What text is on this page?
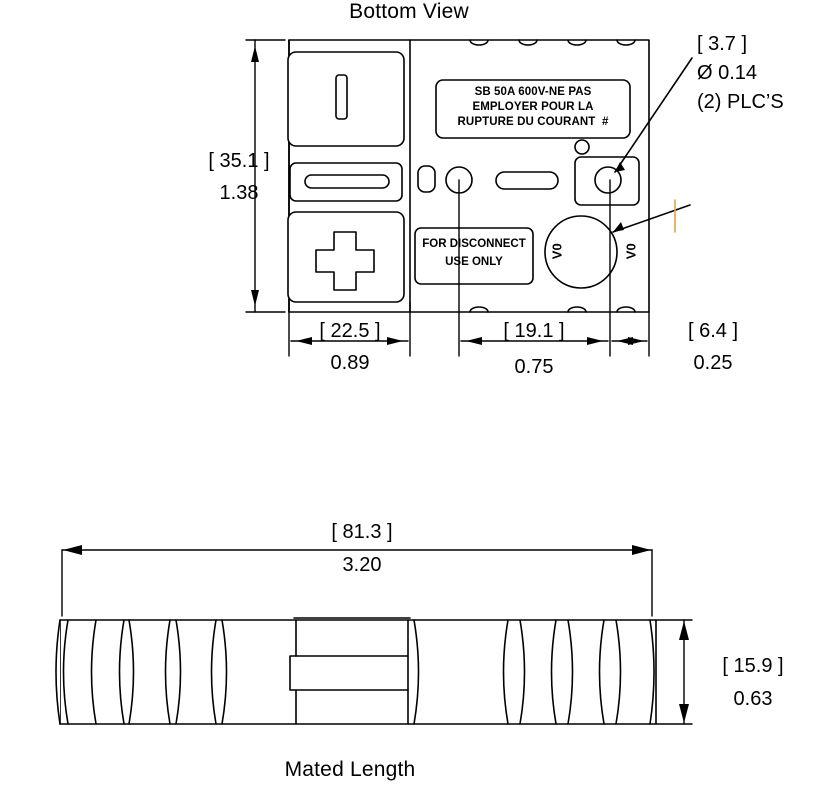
Bottom View
[ 35.1 ]
1.38
[ 3.7 ]
Ø 0.14
(2) PLC’S
SB 50A 600V-NE PAS
EMPLOYER POUR LA
RUPTURE DU COURANT  #
FOR DISCONNECT
USE ONLY
V0	V0
[ 22.5 ]
0.89
[ 19.1 ]
0.75
[ 6.4 ]
0.25
[ 81.3 ]
3.20
[ 15.9 ]
0.63
Mated Length
